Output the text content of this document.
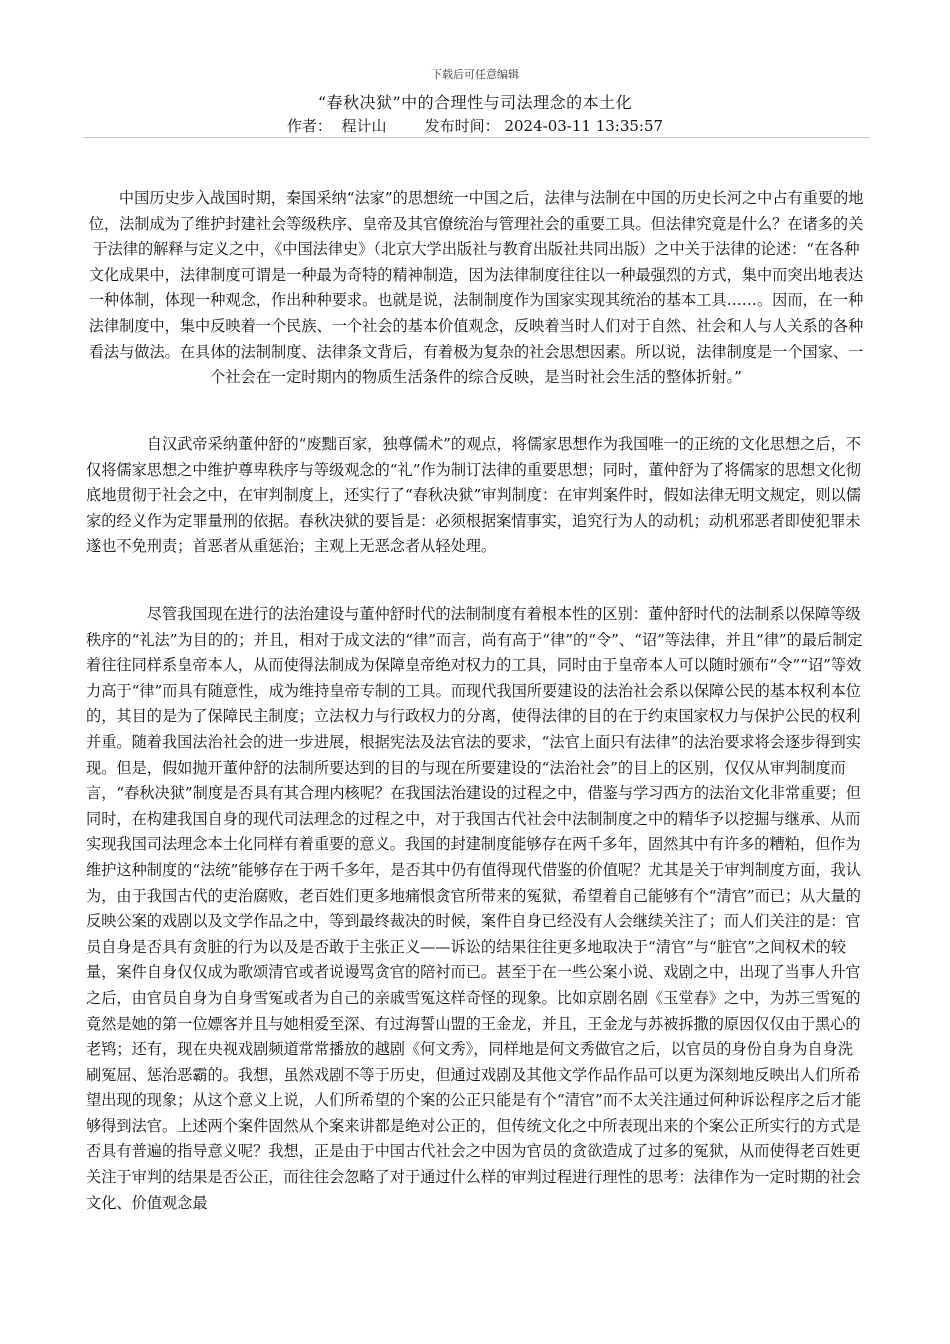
下载后可任意编辑
“春秋决狱”中的合理性与司法理念的本土化
作者： 程计山	发布时间： 2024-03-11 13:35:57

中国历史步入战国时期，秦国采纳“法家”的思想统一中国之后，法律与法制在中国的历史长河之中占有重要的地位，法制成为了维护封建社会等级秩序、皇帝及其官僚统治与管理社会的重要工具。但法律究竟是什么？在诸多的关于法律的解释与定义之中，《中国法律史》（北京大学出版社与教育出版社共同出版）之中关于法律的论述：“在各种文化成果中，法律制度可谓是一种最为奇特的精神制造，因为法律制度往往以一种最强烈的方式，集中而突出地表达一种体制，体现一种观念，作出种种要求。也就是说，法制制度作为国家实现其统治的基本工具……。因而，在一种法律制度中，集中反映着一个民族、一个社会的基本价值观念，反映着当时人们对于自然、社会和人与人关系的各种看法与做法。在具体的法制制度、法律条文背后，有着极为复杂的社会思想因素。所以说，法律制度是一个国家、一个社会在一定时期内的物质生活条件的综合反映，是当时社会生活的整体折射。”

自汉武帝采纳董仲舒的“废黜百家，独尊儒术”的观点，将儒家思想作为我国唯一的正统的文化思想之后，不仅将儒家思想之中维护尊卑秩序与等级观念的“礼”作为制订法律的重要思想；同时，董仲舒为了将儒家的思想文化彻底地贯彻于社会之中，在审判制度上，还实行了“春秋决狱”审判制度：在审判案件时，假如法律无明文规定，则以儒家的经义作为定罪量刑的依据。春秋决狱的要旨是：必须根据案情事实，追究行为人的动机；动机邪恶者即使犯罪未遂也不免刑责；首恶者从重惩治；主观上无恶念者从轻处理。

尽管我国现在进行的法治建设与董仲舒时代的法制制度有着根本性的区别：董仲舒时代的法制系以保障等级秩序的“礼法”为目的的；并且，相对于成文法的“律”而言，尚有高于“律”的“令”、“诏”等法律，并且“律”的最后制定着往往同样系皇帝本人，从而使得法制成为保障皇帝绝对权力的工具，同时由于皇帝本人可以随时颁布“令”“诏”等效力高于“律”而具有随意性，成为维持皇帝专制的工具。而现代我国所要建设的法治社会系以保障公民的基本权利本位的，其目的是为了保障民主制度；立法权力与行政权力的分离，使得法律的目的在于约束国家权力与保护公民的权利并重。随着我国法治社会的进一步进展，根据宪法及法官法的要求，“法官上面只有法律”的法治要求将会逐步得到实现。但是，假如抛开董仲舒的法制所要达到的目的与现在所要建设的“法治社会”的目上的区别，仅仅从审判制度而言，“春秋决狱”制度是否具有其合理内核呢？在我国法治建设的过程之中，借鉴与学习西方的法治文化非常重要；但同时，在构建我国自身的现代司法理念的过程之中，对于我国古代社会中法制制度之中的精华予以挖掘与继承、从而实现我国司法理念本土化同样有着重要的意义。我国的封建制度能够存在两千多年，固然其中有许多的糟粕，但作为维护这种制度的“法统”能够存在于两千多年，是否其中仍有值得现代借鉴的价值呢？尤其是关于审判制度方面，我认为，由于我国古代的吏治腐败，老百姓们更多地痛恨贪官所带来的冤狱，希望着自己能够有个“清官”而已；从大量的反映公案的戏剧以及文学作品之中，等到最终裁决的时候，案件自身已经没有人会继续关注了；而人们关注的是：官员自身是否具有贪脏的行为以及是否敢于主张正义——诉讼的结果往往更多地取决于“清官”与“脏官”之间权术的较量，案件自身仅仅成为歌颂清官或者说谩骂贪官的陪衬而已。甚至于在一些公案小说、戏剧之中，出现了当事人升官之后，由官员自身为自身雪冤或者为自己的亲戚雪冤这样奇怪的现象。比如京剧名剧《玉堂春》之中，为苏三雪冤的竟然是她的第一位嫖客并且与她相爱至深、有过海誓山盟的王金龙，并且，王金龙与苏被拆撒的原因仅仅由于黑心的老鸨；还有，现在央视戏剧频道常常播放的越剧《何文秀》，同样地是何文秀做官之后，以官员的身份自身为自身洗刷冤屈、惩治恶霸的。我想，虽然戏剧不等于历史，但通过戏剧及其他文学作品作品可以更为深刻地反映出人们所希望出现的现象；从这个意义上说，人们所希望的个案的公正只能是有个“清官”而不太关注通过何种诉讼程序之后才能够得到法官。上述两个案件固然从个案来讲都是绝对公正的，但传统文化之中所表现出来的个案公正所实行的方式是否具有普遍的指导意义呢？我想，正是由于中国古代社会之中因为官员的贪欲造成了过多的冤狱，从而使得老百姓更关注于审判的结果是否公正，而往往会忽略了对于通过什么样的审判过程进行理性的思考：法律作为一定时期的社会文化、价值观念最
